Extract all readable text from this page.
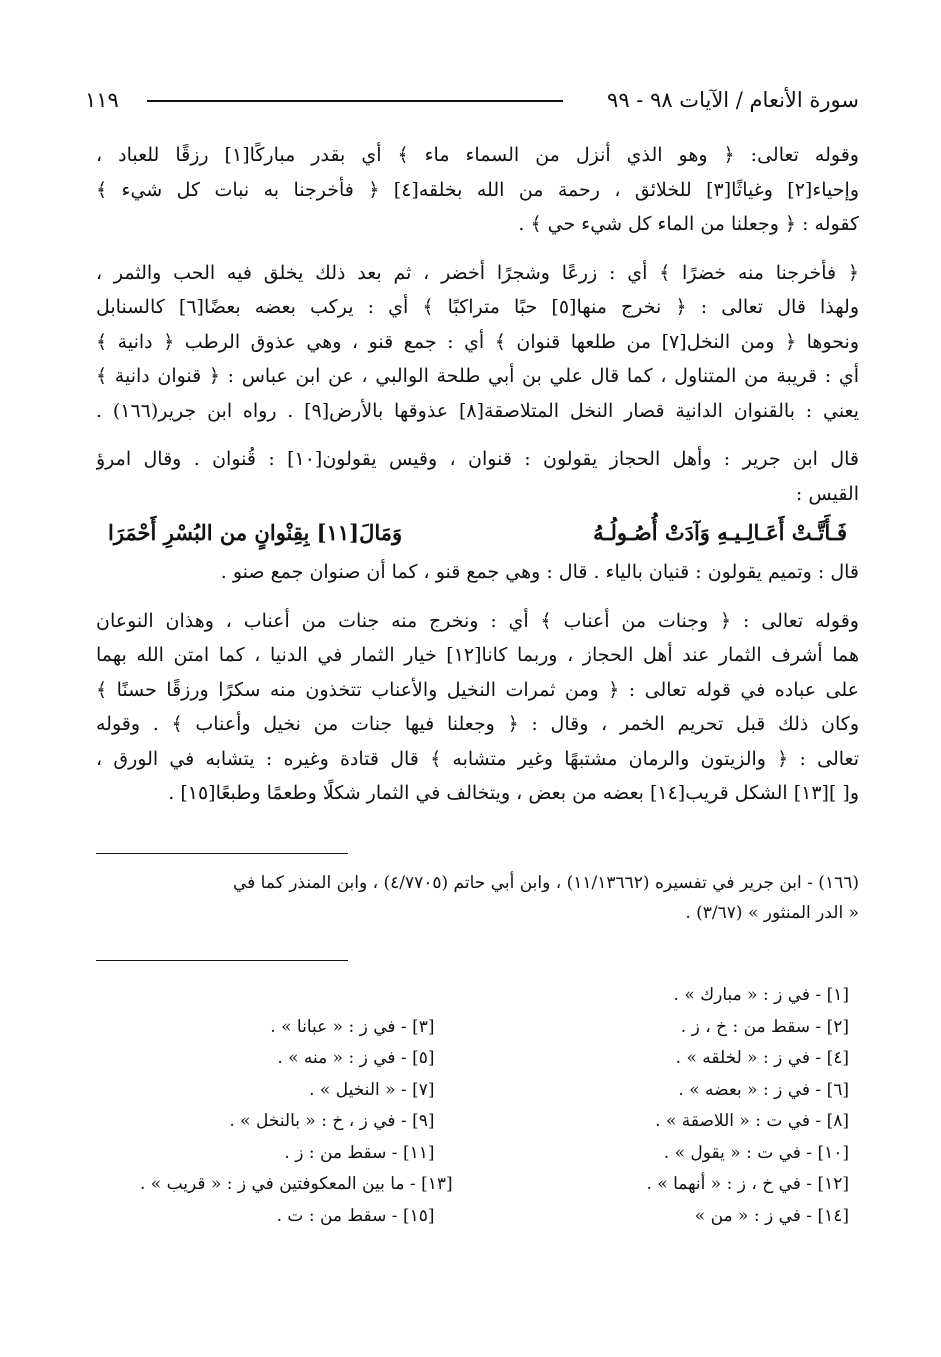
سورة الأنعام / الآيات ٩٨ - ٩٩
١١٩
وقوله تعالى: ﴿ وهو الذي أنزل من السماء ماء ﴾ أي بقدر مباركًا[١] رزقًا للعباد ،
وإحياء[٢] وغياثًا[٣] للخلائق ، رحمة من الله بخلقه[٤] ﴿ فأخرجنا به نبات كل شيء ﴾
كقوله : ﴿ وجعلنا من الماء كل شيء حي ﴾ .
﴿ فأخرجنا منه خضرًا ﴾ أي : زرعًا وشجرًا أخضر ، ثم بعد ذلك يخلق فيه الحب والثمر ،
ولهذا قال تعالى : ﴿ نخرج منها[٥] حبًا متراكبًا ﴾ أي : يركب بعضه بعضًا[٦] كالسنابل
ونحوها ﴿ ومن النخل[٧] من طلعها قنوان ﴾ أي : جمع قنو ، وهي عذوق الرطب ﴿ دانية ﴾
أي : قريبة من المتناول ، كما قال علي بن أبي طلحة الوالبي ، عن ابن عباس : ﴿ قنوان دانية ﴾
يعني : بالقنوان الدانية قصار النخل المتلاصقة[٨] عذوقها بالأرض[٩] . رواه ابن جرير(١٦٦) .
قال ابن جرير : وأهل الحجاز يقولون : قنوان ، وقيس يقولون[١٠] : قُنوان . وقال امرؤ
القيس :
فَـأَتَّـتْ أَعَـالِـيـهِ وَآدَتْ أُصُـولُـهُ
وَمَالَ[١١] بِقِنْوانٍ من البُسْرِ أَحْمَرَا
قال : وتميم يقولون : قنيان بالياء . قال : وهي جمع قنو ، كما أن صنوان جمع صنو .
وقوله تعالى : ﴿ وجنات من أعناب ﴾ أي : ونخرج منه جنات من أعناب ، وهذان النوعان
هما أشرف الثمار عند أهل الحجاز ، وربما كانا[١٢] خيار الثمار في الدنيا ، كما امتن الله بهما
على عباده في قوله تعالى : ﴿ ومن ثمرات النخيل والأعناب تتخذون منه سكرًا ورزقًا حسنًا ﴾
وكان ذلك قبل تحريم الخمر ، وقال : ﴿ وجعلنا فيها جنات من نخيل وأعناب ﴾ . وقوله
تعالى : ﴿ والزيتون والرمان مشتبهًا وغير متشابه ﴾ قال قتادة وغيره : يتشابه في الورق ،
و[ ][١٣] الشكل قريب[١٤] بعضه من بعض ، ويتخالف في الثمار شكلًا وطعمًا وطبعًا[١٥] .
(١٦٦) - ابن جرير في تفسيره (١١/١٣٦٦٢) ، وابن أبي حاتم (٤/٧٧٠٥) ، وابن المنذر كما في
« الدر المنثور » (٣/٦٧) .
[١] - في ز : « مبارك » .
[٢] - سقط من : خ ، ز .
[٣] - في ز : « عبانا » .
[٤] - في ز : « لخلقه » .
[٥] - في ز : « منه » .
[٦] - في ز : « بعضه » .
[٧] - « النخيل » .
[٨] - في ت : « اللاصقة » .
[٩] - في ز ، خ : « بالنخل » .
[١٠] - في ت : « يقول » .
[١١] - سقط من : ز .
[١٢] - في خ ، ز : « أنهما » .
[١٣] - ما بين المعكوفتين في ز : « قريب » .
[١٤] - في ز : « من »
[١٥] - سقط من : ت .
